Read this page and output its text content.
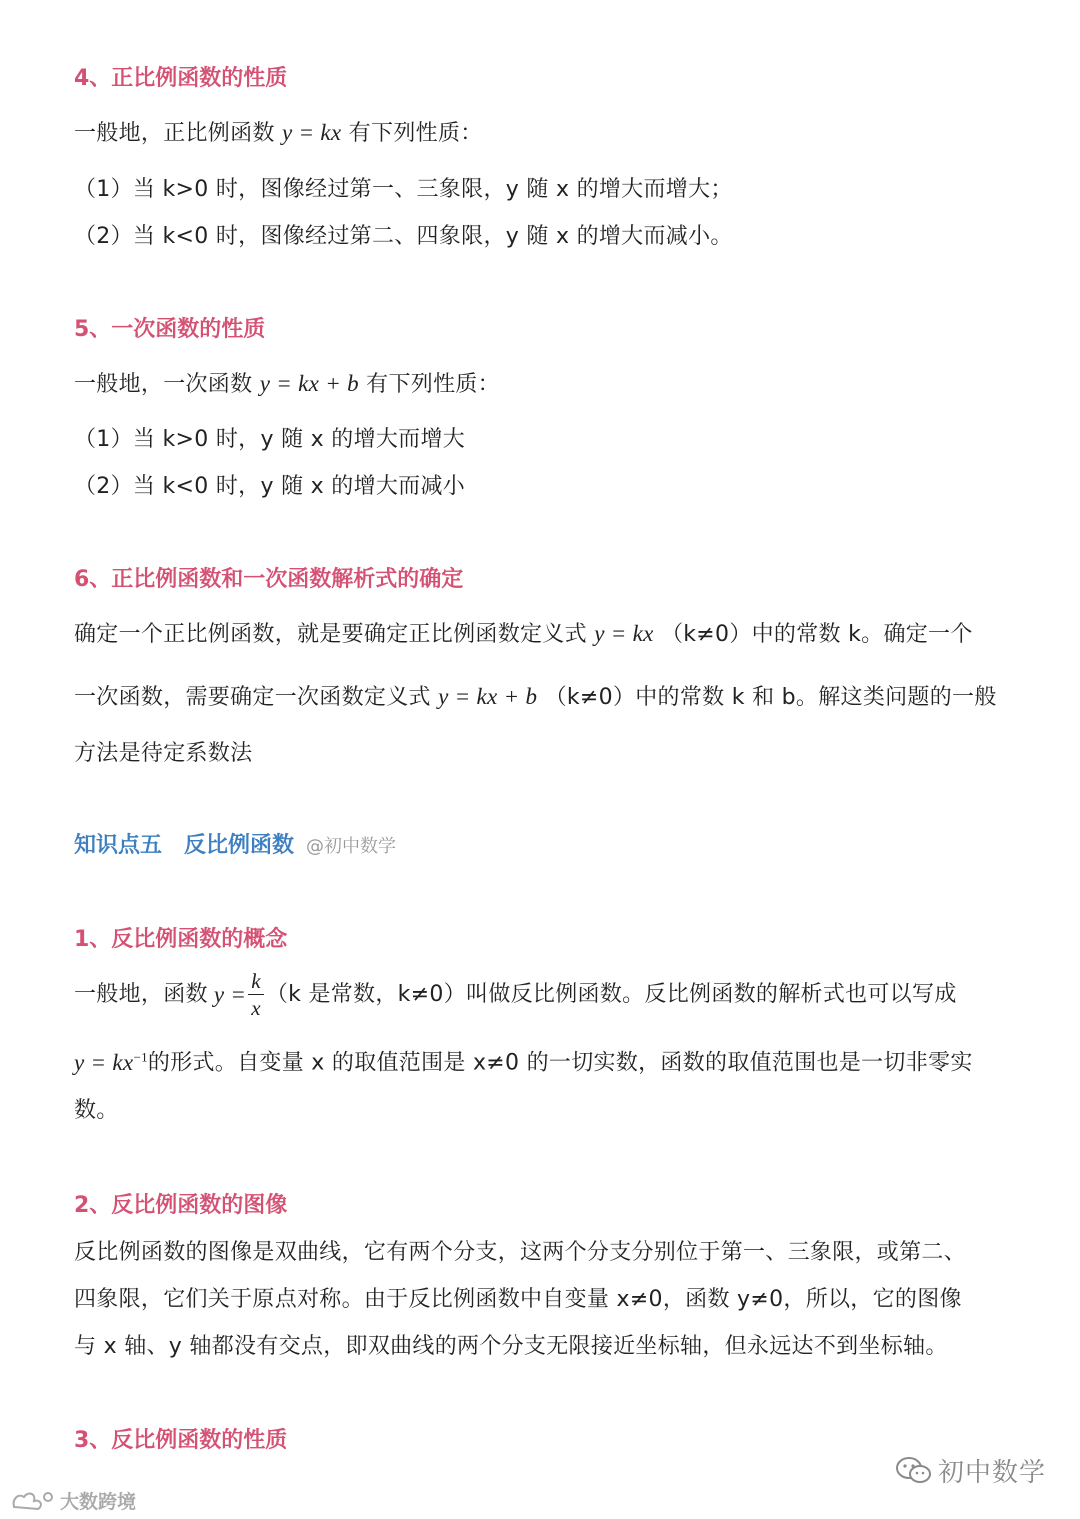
4、正比例函数的性质
一般地，正比例函数 y = kx 有下列性质：
（1）当 k>0 时，图像经过第一、三象限，y 随 x 的增大而增大；
（2）当 k<0 时，图像经过第二、四象限，y 随 x 的增大而减小。
5、一次函数的性质
一般地，一次函数 y = kx + b 有下列性质：
（1）当 k>0 时，y 随 x 的增大而增大
（2）当 k<0 时，y 随 x 的增大而减小
6、正比例函数和一次函数解析式的确定
确定一个正比例函数，就是要确定正比例函数定义式 y = kx （k≠0）中的常数 k。确定一个
一次函数，需要确定一次函数定义式 y = kx + b （k≠0）中的常数 k 和 b。解这类问题的一般
方法是待定系数法
知识点五 反比例函数 @初中数学
1、反比例函数的概念
一般地，函数 $y = \frac{k}{x} (k$ 是常数，k≠0）叫做反比例函数。反比例函数的解析式也可以写成
$y = kx^{-1}$的形式。自变量 x 的取值范围是 x≠0 的一切实数，函数的取值范围也是一切非零实
数。
2、反比例函数的图像
反比例函数的图像是双曲线，它有两个分支，这两个分支分别位于第一、三象限，或第二、
四象限，它们关于原点对称。由于反比例函数中自变量 x≠0，函数 y≠0，所以，它的图像
与 x 轴、y 轴都没有交点，即双曲线的两个分支无限接近坐标轴，但永远达不到坐标轴。
3、反比例函数的性质
初中数学
大数跨境
